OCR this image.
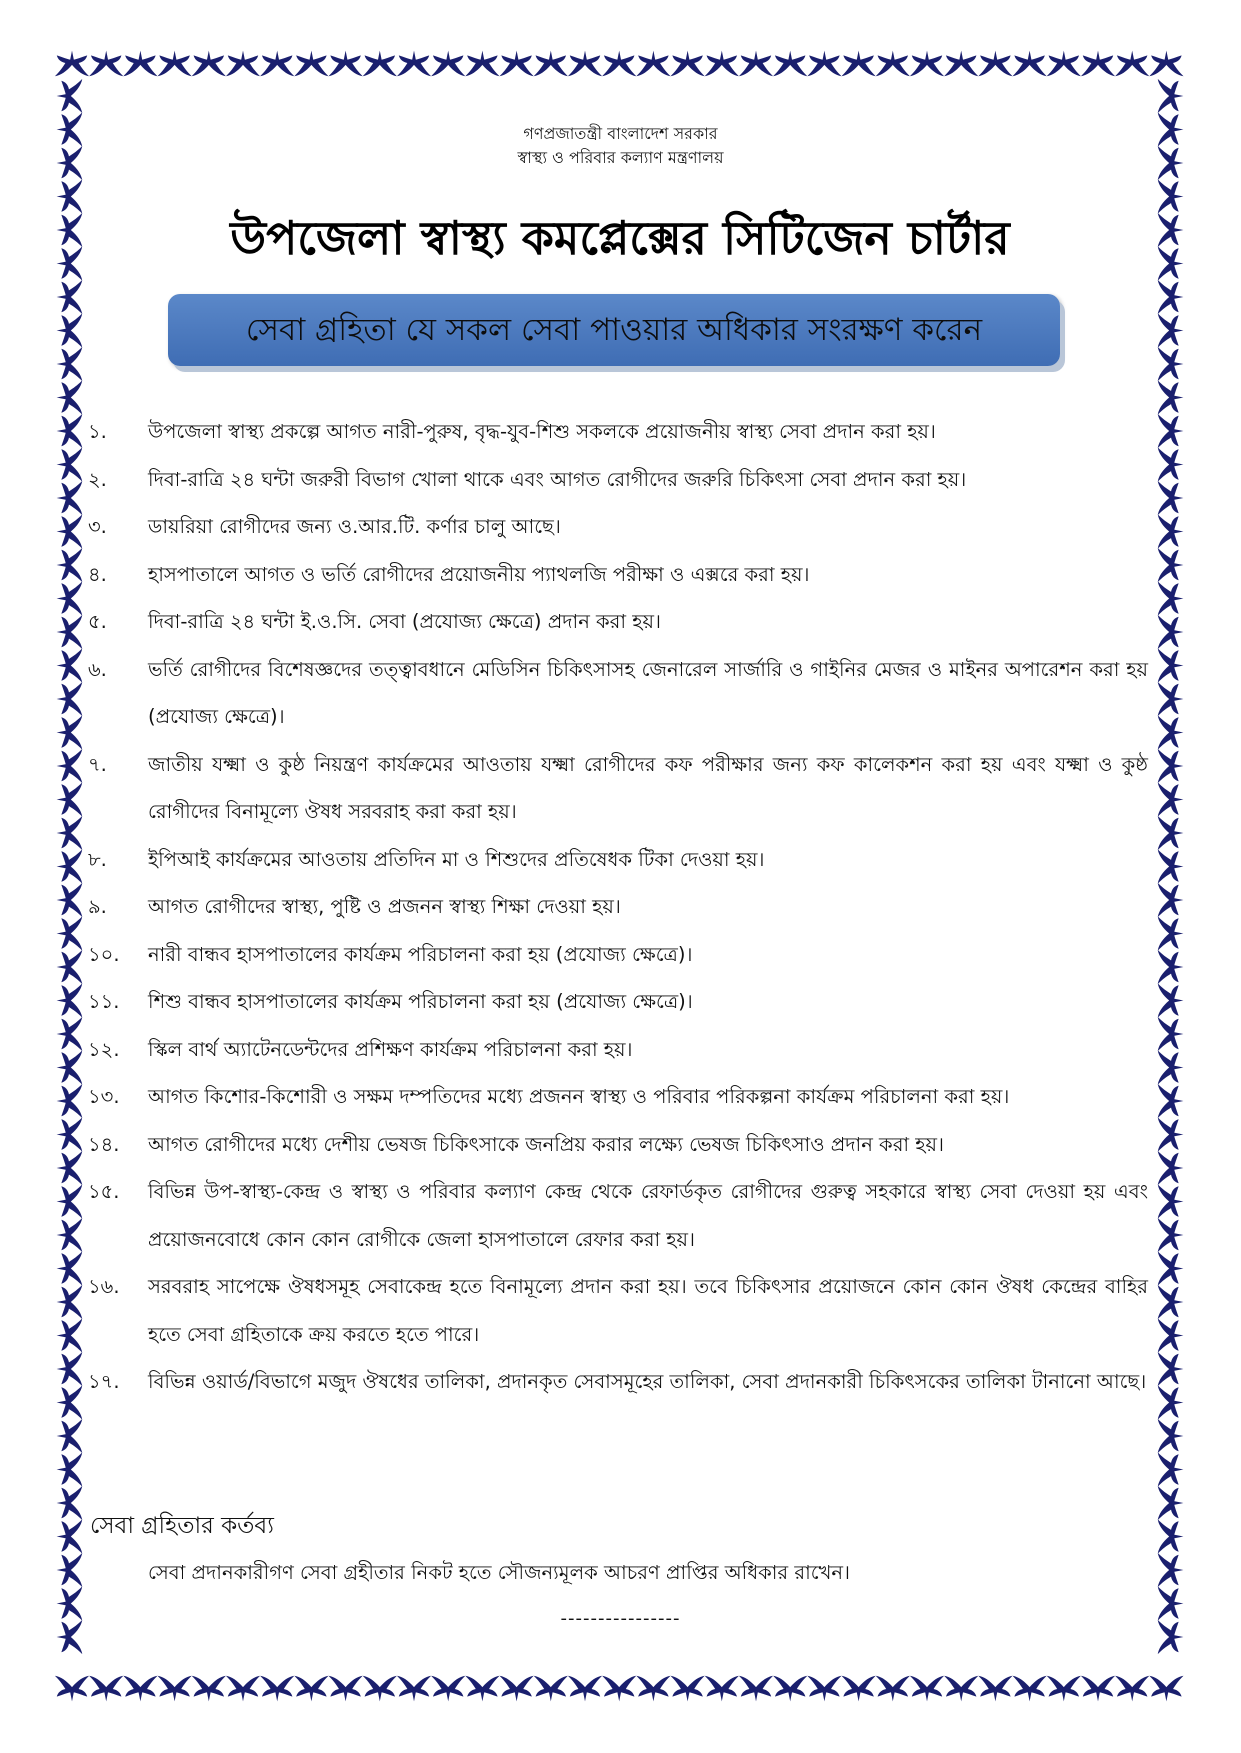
গণপ্রজাতন্ত্রী বাংলাদেশ সরকার
স্বাস্থ্য ও পরিবার কল্যাণ মন্ত্রণালয়
উপজেলা স্বাস্থ্য কমপ্লেক্সের সিটিজেন চার্টার
সেবা গ্রহিতা যে সকল সেবা পাওয়ার অধিকার সংরক্ষণ করেন
১.	উপজেলা স্বাস্থ্য প্রকল্পে আগত নারী-পুরুষ, বৃদ্ধ-যুব-শিশু সকলকে প্রয়োজনীয় স্বাস্থ্য সেবা প্রদান করা হয়।
২.	দিবা-রাত্রি ২৪ ঘন্টা জরুরী বিভাগ খোলা থাকে এবং আগত রোগীদের জরুরি চিকিৎসা সেবা প্রদান করা হয়।
৩.	ডায়রিয়া রোগীদের জন্য ও.আর.টি. কর্ণার চালু আছে।
৪.	হাসপাতালে আগত ও ভর্তি রোগীদের প্রয়োজনীয় প্যাথলজি পরীক্ষা ও এক্সরে করা হয়।
৫.	দিবা-রাত্রি ২৪ ঘন্টা ই.ও.সি. সেবা (প্রযোজ্য ক্ষেত্রে) প্রদান করা হয়।
৬.	ভর্তি রোগীদের বিশেষজ্ঞদের তত্ত্বাবধানে মেডিসিন চিকিৎসাসহ জেনারেল সার্জারি ও গাইনির মেজর ও মাইনর অপারেশন করা হয় (প্রযোজ্য ক্ষেত্রে)।
৭.	জাতীয় যক্ষ্মা ও কুষ্ঠ নিয়ন্ত্রণ কার্যক্রমের আওতায় যক্ষ্মা রোগীদের কফ পরীক্ষার জন্য কফ কালেকশন করা হয় এবং যক্ষ্মা ও কুষ্ঠ রোগীদের বিনামূল্যে ঔষধ সরবরাহ করা করা হয়।
৮.	ইপিআই কার্যক্রমের আওতায় প্রতিদিন মা ও শিশুদের প্রতিষেধক টিকা দেওয়া হয়।
৯.	আগত রোগীদের স্বাস্থ্য, পুষ্টি ও প্রজনন স্বাস্থ্য শিক্ষা দেওয়া হয়।
১০.	নারী বান্ধব হাসপাতালের কার্যক্রম পরিচালনা করা হয় (প্রযোজ্য ক্ষেত্রে)।
১১.	শিশু বান্ধব হাসপাতালের কার্যক্রম পরিচালনা করা হয় (প্রযোজ্য ক্ষেত্রে)।
১২.	স্কিল বার্থ অ্যাটেনডেন্টদের প্রশিক্ষণ কার্যক্রম পরিচালনা করা হয়।
১৩.	আগত কিশোর-কিশোরী ও সক্ষম দম্পতিদের মধ্যে প্রজনন স্বাস্থ্য ও পরিবার পরিকল্পনা কার্যক্রম পরিচালনা করা হয়।
১৪.	আগত রোগীদের মধ্যে দেশীয় ভেষজ চিকিৎসাকে জনপ্রিয় করার লক্ষ্যে ভেষজ চিকিৎসাও প্রদান করা হয়।
১৫.	বিভিন্ন উপ-স্বাস্থ্য-কেন্দ্র ও স্বাস্থ্য ও পরিবার কল্যাণ কেন্দ্র থেকে রেফার্ডকৃত রোগীদের গুরুত্ব সহকারে স্বাস্থ্য সেবা দেওয়া হয় এবং প্রয়োজনবোধে কোন কোন রোগীকে জেলা হাসপাতালে রেফার করা হয়।
১৬.	সরবরাহ সাপেক্ষে ঔষধসমূহ সেবাকেন্দ্র হতে বিনামূল্যে প্রদান করা হয়। তবে চিকিৎসার প্রয়োজনে কোন কোন ঔষধ কেন্দ্রের বাহির হতে সেবা গ্রহিতাকে ক্রয় করতে হতে পারে।
১৭.	বিভিন্ন ওয়ার্ড/বিভাগে মজুদ ঔষধের তালিকা, প্রদানকৃত সেবাসমূহের তালিকা, সেবা প্রদানকারী চিকিৎসকের তালিকা টানানো আছে।
সেবা গ্রহিতার কর্তব্য
সেবা প্রদানকারীগণ সেবা গ্রহীতার নিকট হতে সৌজন্যমূলক আচরণ প্রাপ্তির অধিকার রাখেন।
----------------
